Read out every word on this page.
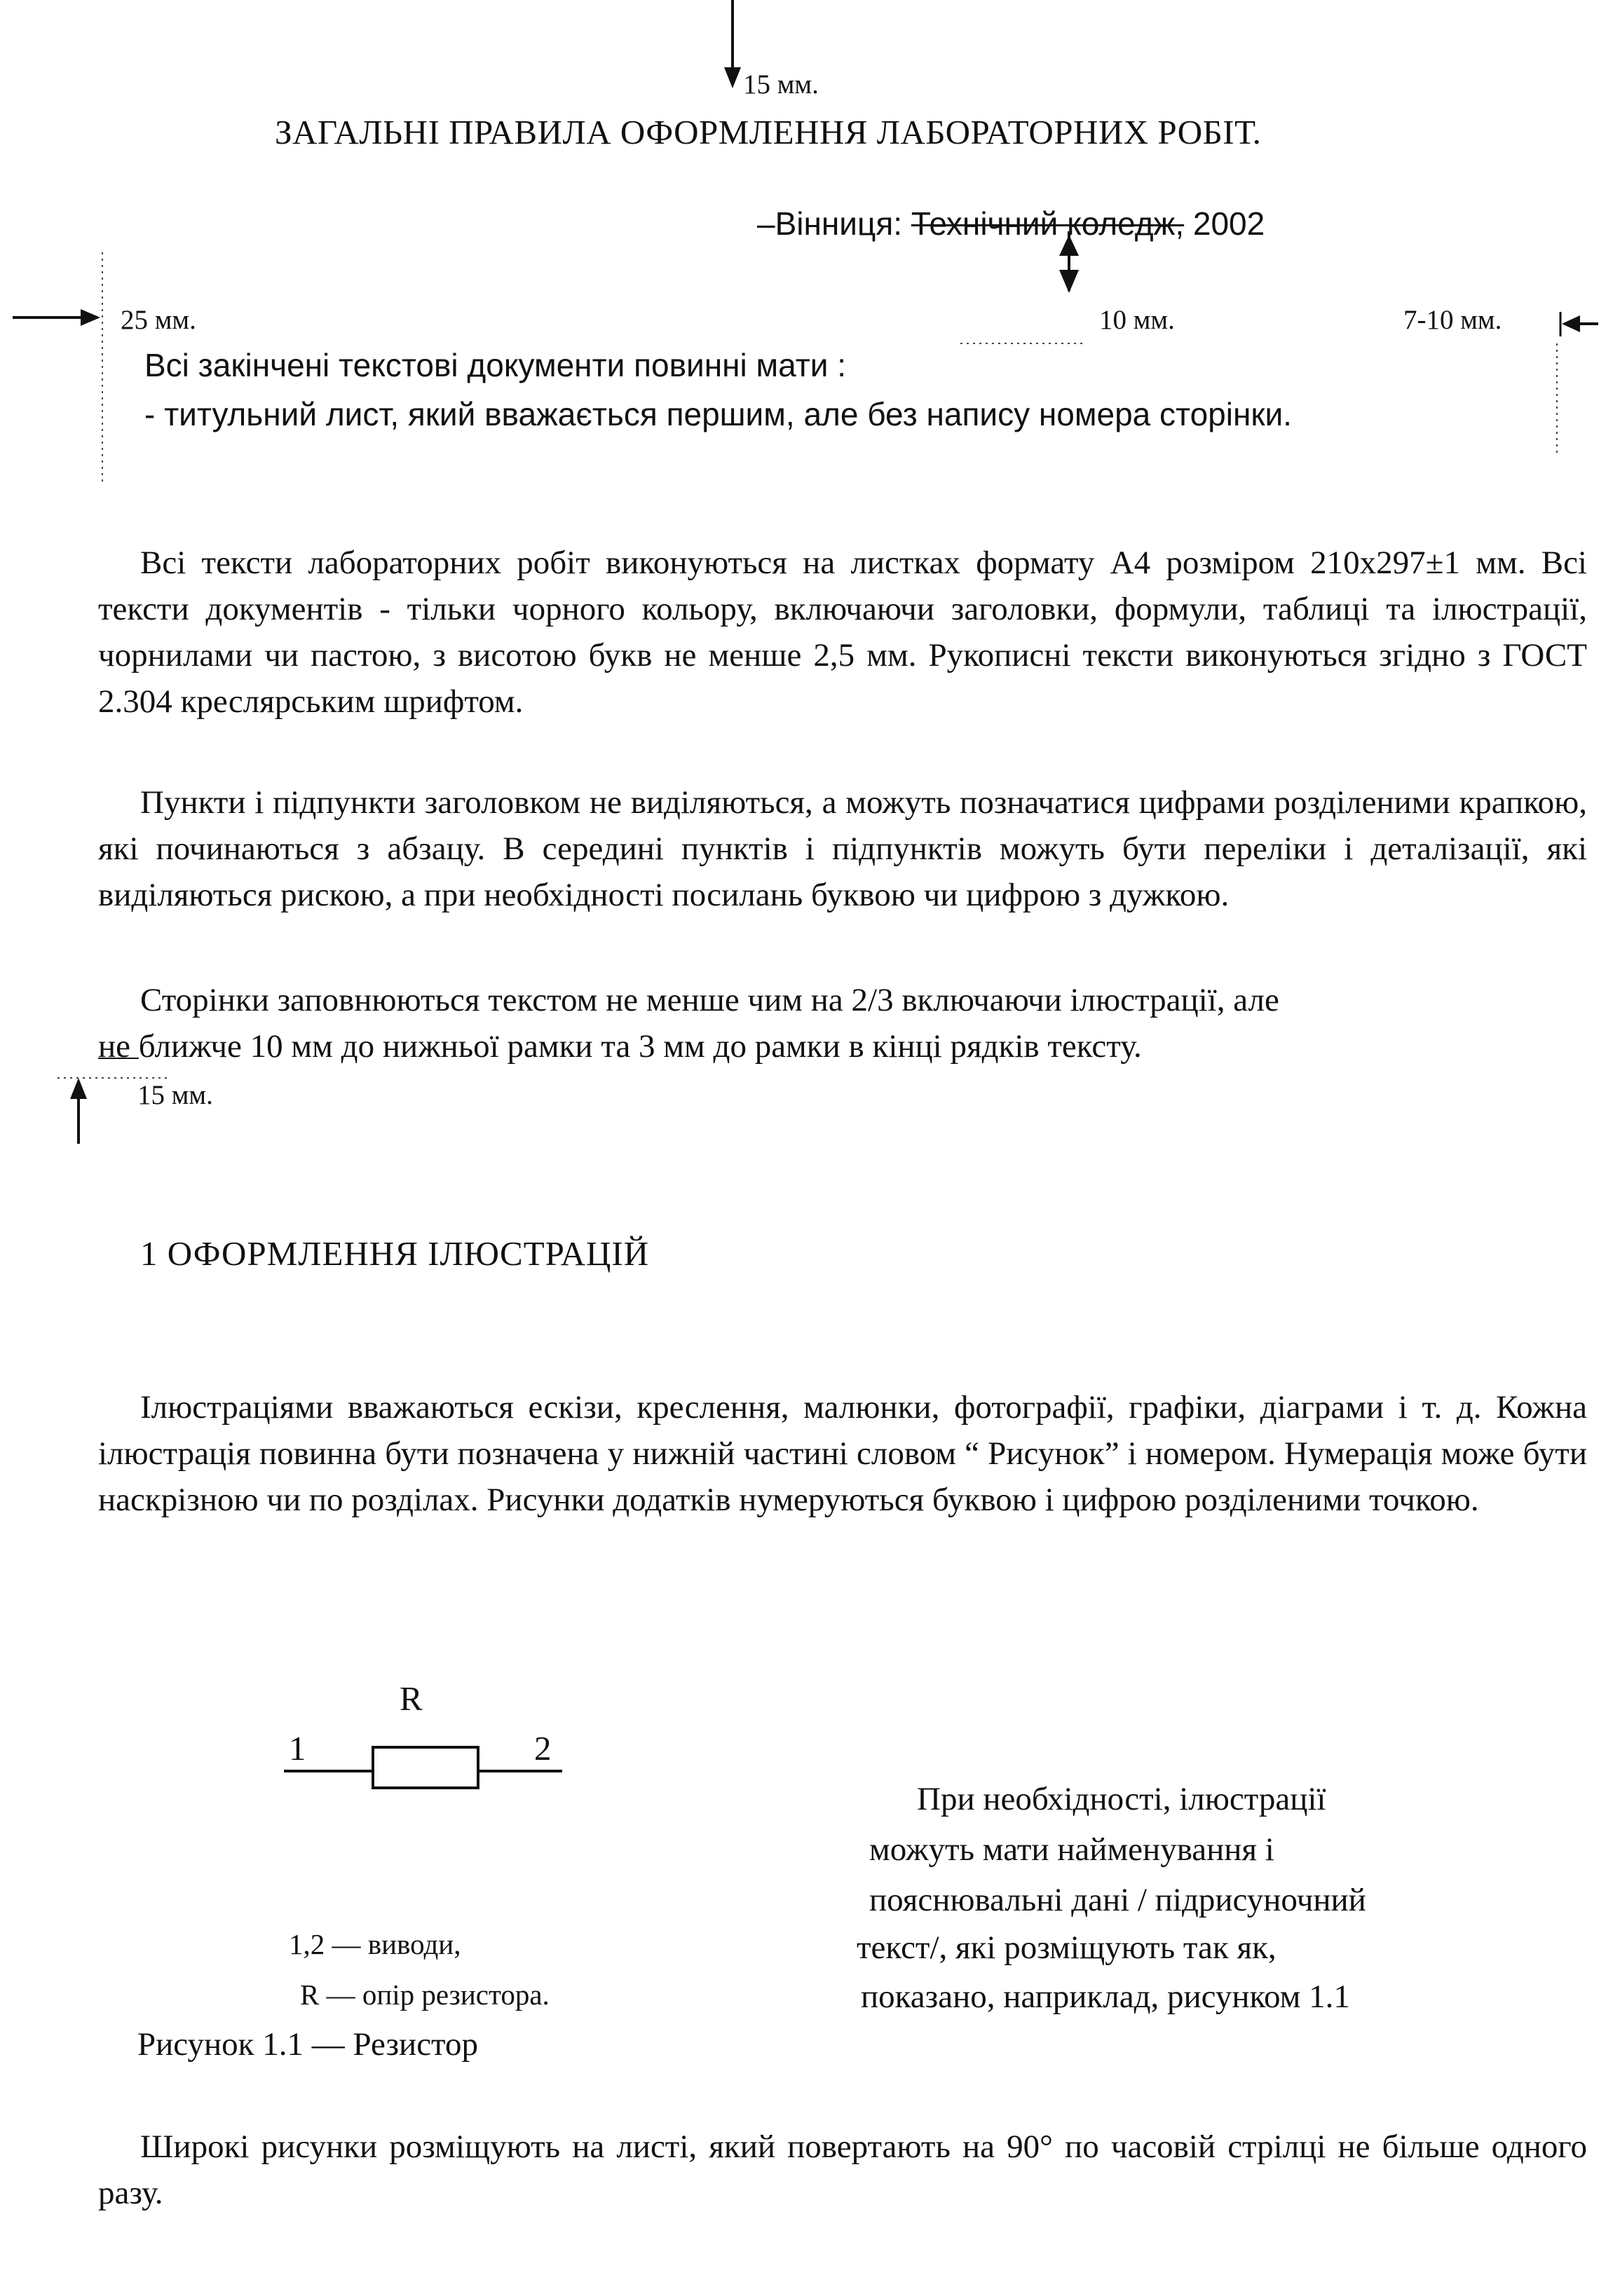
15 мм.

ЗАГАЛЬНІ ПРАВИЛА ОФОРМЛЕННЯ ЛАБОРАТОРНИХ РОБІТ.

–Вінниця: Технічний коледж, 2002

25 мм.	10 мм.	7-10 мм.

Всі закінчені текстові документи повинні мати :

- титульний лист, який вважається першим, але без напису номера сторінки.

Всі тексти лабораторних робіт виконуються на листках формату А4 розміром 210х297±1 мм. Всі тексти документів - тільки чорного кольору, включаючи заголовки, формули, таблиці та ілюстрації, чорнилами чи пастою, з висотою букв не менше 2,5 мм. Рукописні тексти виконуються згідно з ГОСТ 2.304 креслярським шрифтом.

Пункти і підпункти заголовком не виділяються, а можуть позначатися цифрами розділеними крапкою, які починаються з абзацу. В середині пунктів і підпунктів можуть бути переліки і деталізації, які виділяються рискою, а при необхідності посилань буквою чи цифрою з дужкою.

Сторінки заповнюються текстом не менше чим на 2/3 включаючи ілюстрації, але

не ближче 10 мм до нижньої рамки та 3 мм до рамки в кінці рядків тексту.

15 мм.

1 ОФОРМЛЕННЯ ІЛЮСТРАЦІЙ

Ілюстраціями вважаються ескізи, креслення, малюнки, фотографії, графіки, діаграми і т. д. Кожна ілюстрація повинна бути позначена у нижній частині словом “ Рисунок” і номером. Нумерація може бути наскрізною чи по розділах. Рисунки додатків нумеруються буквою і цифрою розділеними точкою.

R

1	2

1,2 — виводи,

R — опір резистора.

Рисунок 1.1 — Резистор

При необхідності, ілюстрації

можуть мати найменування і

пояснювальні дані / підрисуночний

текст/, які розміщують так як,

показано, наприклад, рисунком 1.1

Широкі рисунки розміщують на листі, який повертають на 90° по часовій стрілці не більше одного разу.
